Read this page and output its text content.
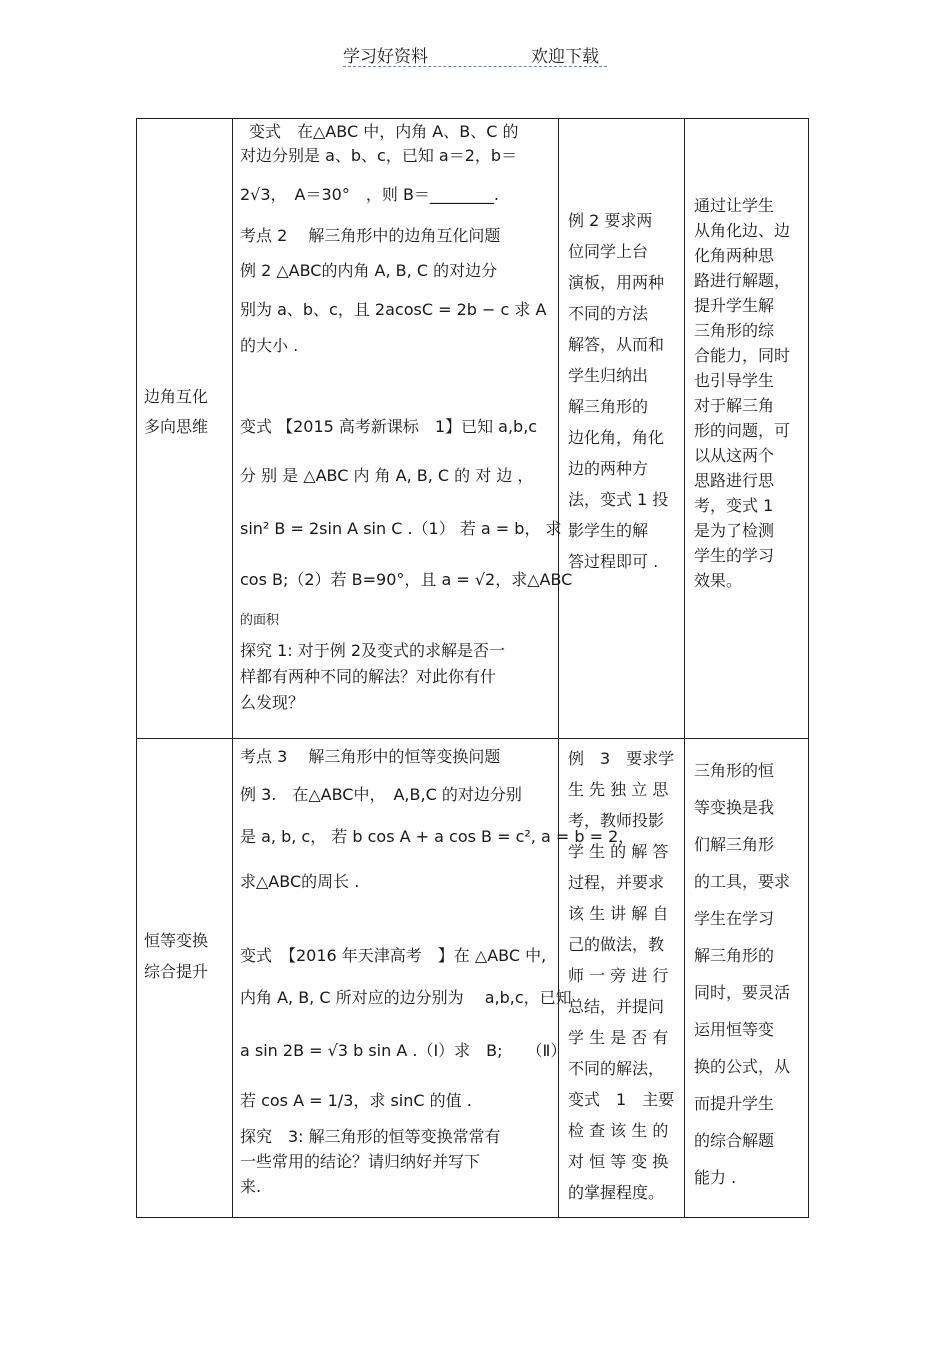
学习好资料	欢迎下载
边角互化
多向思维
变式　在△ABC 中，内角 A、B、C 的
对边分别是 a、b、c，已知 a＝2，b＝
2√3，　A＝30°　，则 B＝________.
考点 2　 解三角形中的边角互化问题
例 2 △ABC的内角 A, B, C 的对边分
别为 a、b、c，且 2acosC = 2b − c 求 A
的大小 .
变式 【2015 高考新课标　1】已知 a,b,c
分 别 是 △ABC 内 角 A, B, C 的 对 边 ，
sin² B = 2sin A sin C .（1） 若 a = b， 求
cos B;（2）若 B=90°，且 a = √2，求△ABC
的面积
探究 1: 对于例 2及变式的求解是否一
样都有两种不同的解法？对此你有什
么发现？
例 2 要求两
位同学上台
演板，用两种
不同的方法
解答，从而和
学生归纳出
解三角形的
边化角，角化
边的两种方
法，变式 1 投
影学生的解
答过程即可 .
通过让学生
从角化边、边
化角两种思
路进行解题，
提升学生解
三角形的综
合能力，同时
也引导学生
对于解三角
形的问题，可
以从这两个
思路进行思
考，变式 1
是为了检测
学生的学习
效果。
恒等变换
综合提升
考点 3　 解三角形中的恒等变换问题
例 3.　在△ABC中，　A,B,C 的对边分别
是 a, b, c， 若 b cos A + a cos B = c², a = b = 2，
求△ABC的周长 .
变式　【2016 年天津高考　】在 △ABC 中,
内角 A, B, C 所对应的边分别为　 a,b,c，已知
a sin 2B = √3 b sin A .（Ⅰ）求　B;　　（Ⅱ）
若 cos A = 1/3，求 sinC 的值 .
探究　3: 解三角形的恒等变换常常有
一些常用的结论？请归纳好并写下
来.
例　3　要求学
生 先 独 立 思
考，教师投影
学 生 的 解 答
过程，并要求
该 生 讲 解 自
己的做法，教
师 一 旁 进 行
总结，并提问
学 生 是 否 有
不同的解法，
变式　1　主要
检 查 该 生 的
对 恒 等 变 换
的掌握程度。
三角形的恒
等变换是我
们解三角形
的工具，要求
学生在学习
解三角形的
同时，要灵活
运用恒等变
换的公式，从
而提升学生
的综合解题
能力 .
